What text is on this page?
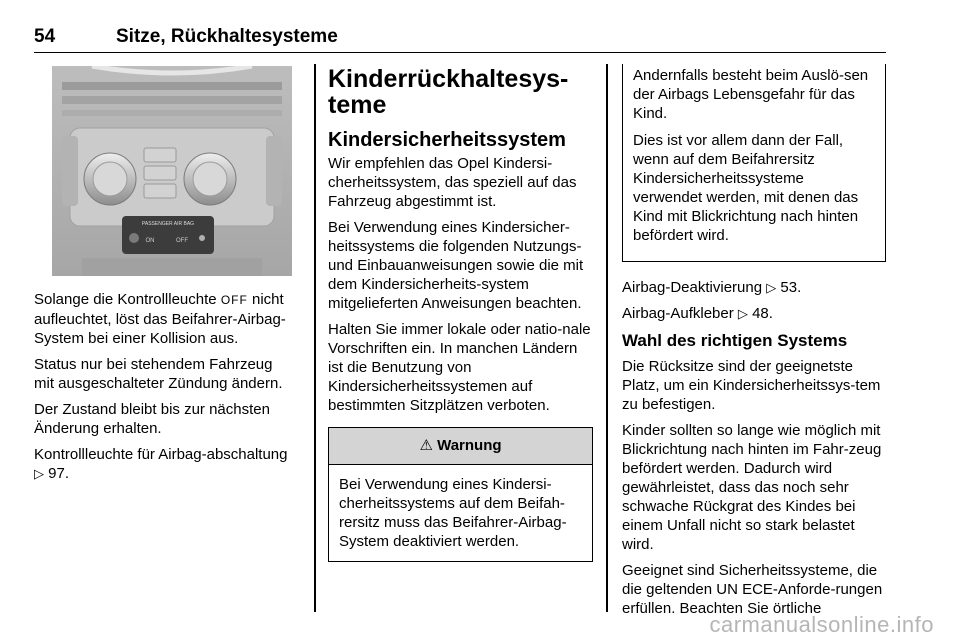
54	Sitze, Rückhaltesysteme
PASSENGER AIR BAG
ON	OFF

Solange die Kontrollleuchte OFF nicht aufleuchtet, löst das Beifahrer-Airbag-System bei einer Kollision aus.

Status nur bei stehendem Fahrzeug mit ausgeschalteter Zündung ändern.

Der Zustand bleibt bis zur nächsten Änderung erhalten.

Kontrollleuchte für Airbag-abschaltung ▷ 97.

Kinderrückhaltesys-teme
Kindersicherheitssystem

Wir empfehlen das Opel Kindersi-cherheitssystem, das speziell auf das Fahrzeug abgestimmt ist.

Bei Verwendung eines Kindersicher-heitssystems die folgenden Nutzungs- und Einbauanweisungen sowie die mit dem Kindersicherheits-system mitgelieferten Anweisungen beachten.

Halten Sie immer lokale oder natio-nale Vorschriften ein. In manchen Ländern ist die Benutzung von Kindersicherheitssystemen auf bestimmten Sitzplätzen verboten.

⚠ Warnung
Bei Verwendung eines Kindersi-cherheitssystems auf dem Beifah-rersitz muss das Beifahrer-Airbag-System deaktiviert werden.

Andernfalls besteht beim Auslö-sen der Airbags Lebensgefahr für das Kind.

Dies ist vor allem dann der Fall, wenn auf dem Beifahrersitz Kindersicherheitssysteme verwendet werden, mit denen das Kind mit Blickrichtung nach hinten befördert wird.

Airbag-Deaktivierung ▷ 53.

Airbag-Aufkleber ▷ 48.

Wahl des richtigen Systems

Die Rücksitze sind der geeignetste Platz, um ein Kindersicherheitssys-tem zu befestigen.

Kinder sollten so lange wie möglich mit Blickrichtung nach hinten im Fahr-zeug befördert werden. Dadurch wird gewährleistet, dass das noch sehr schwache Rückgrat des Kindes bei einem Unfall nicht so stark belastet wird.

Geeignet sind Sicherheitssysteme, die die geltenden UN ECE-Anforde-rungen erfüllen. Beachten Sie örtliche

carmanualsonline.info
